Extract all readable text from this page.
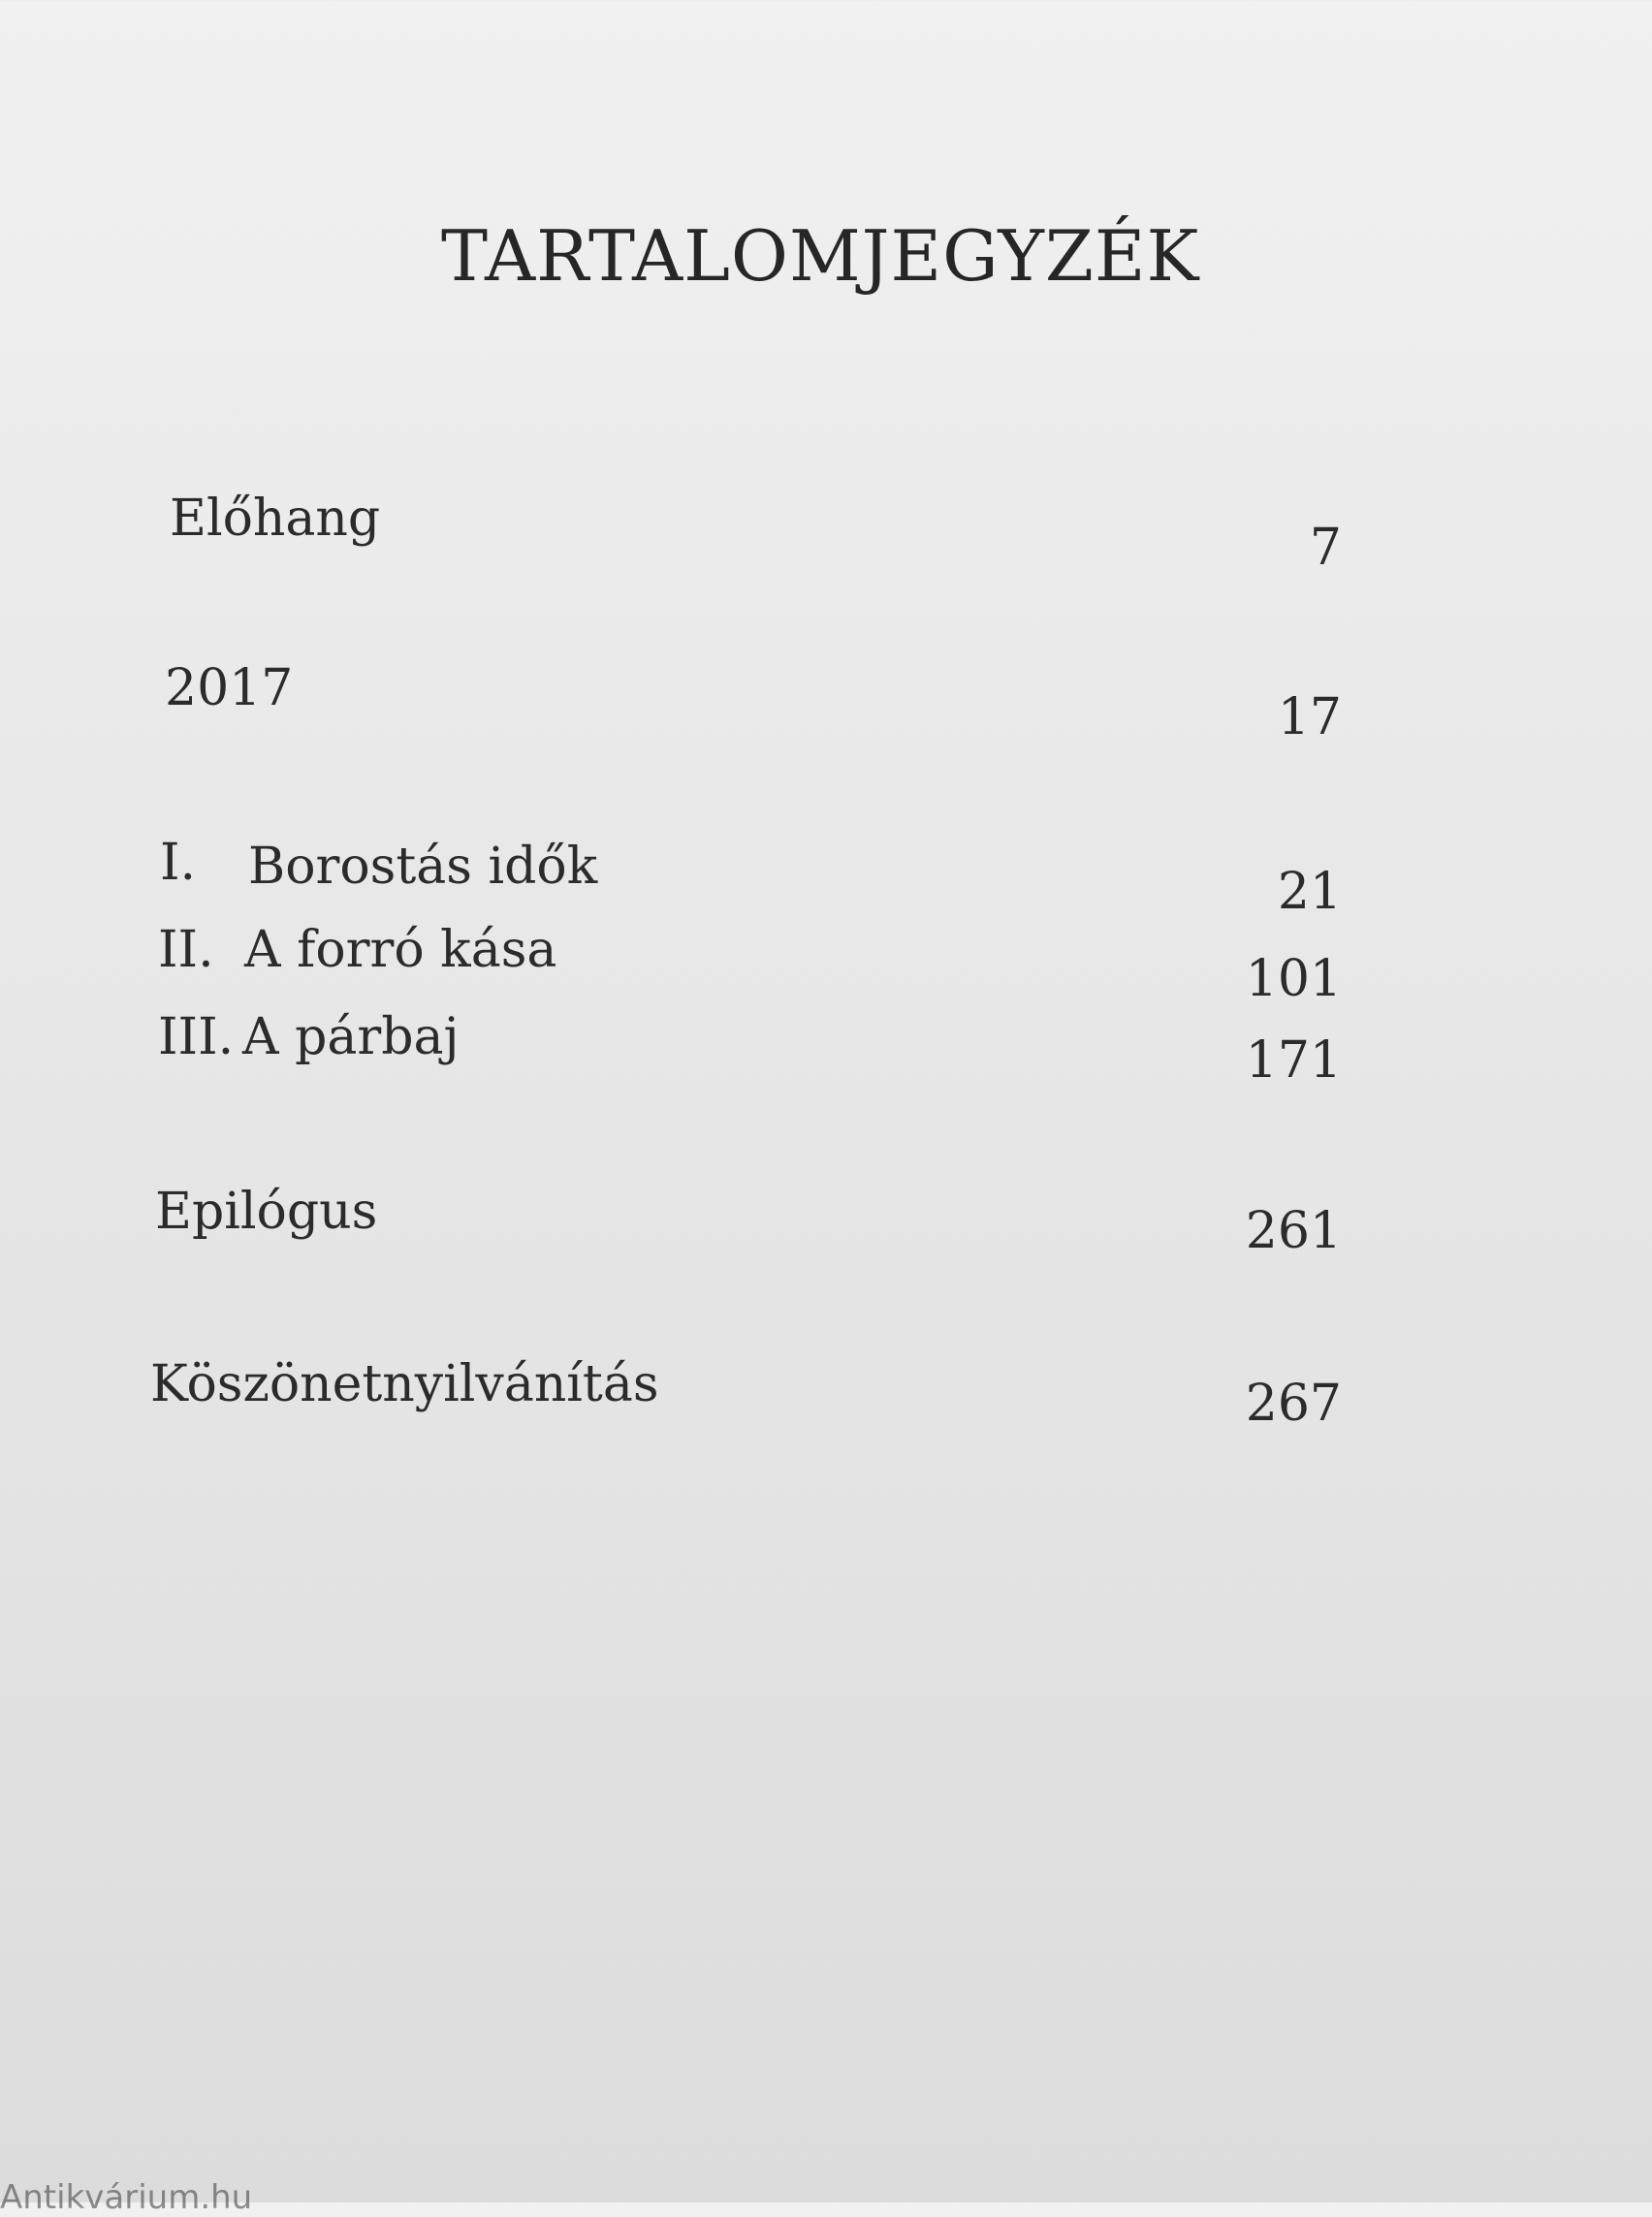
TARTALOMJEGYZÉK
Előhang	7
2017	17
I. Borostás idők	21
II. A forró kása	101
III. A párbaj	171
Epilógus	261
Köszönetnyilvánítás	267
Antikvárium.hu
